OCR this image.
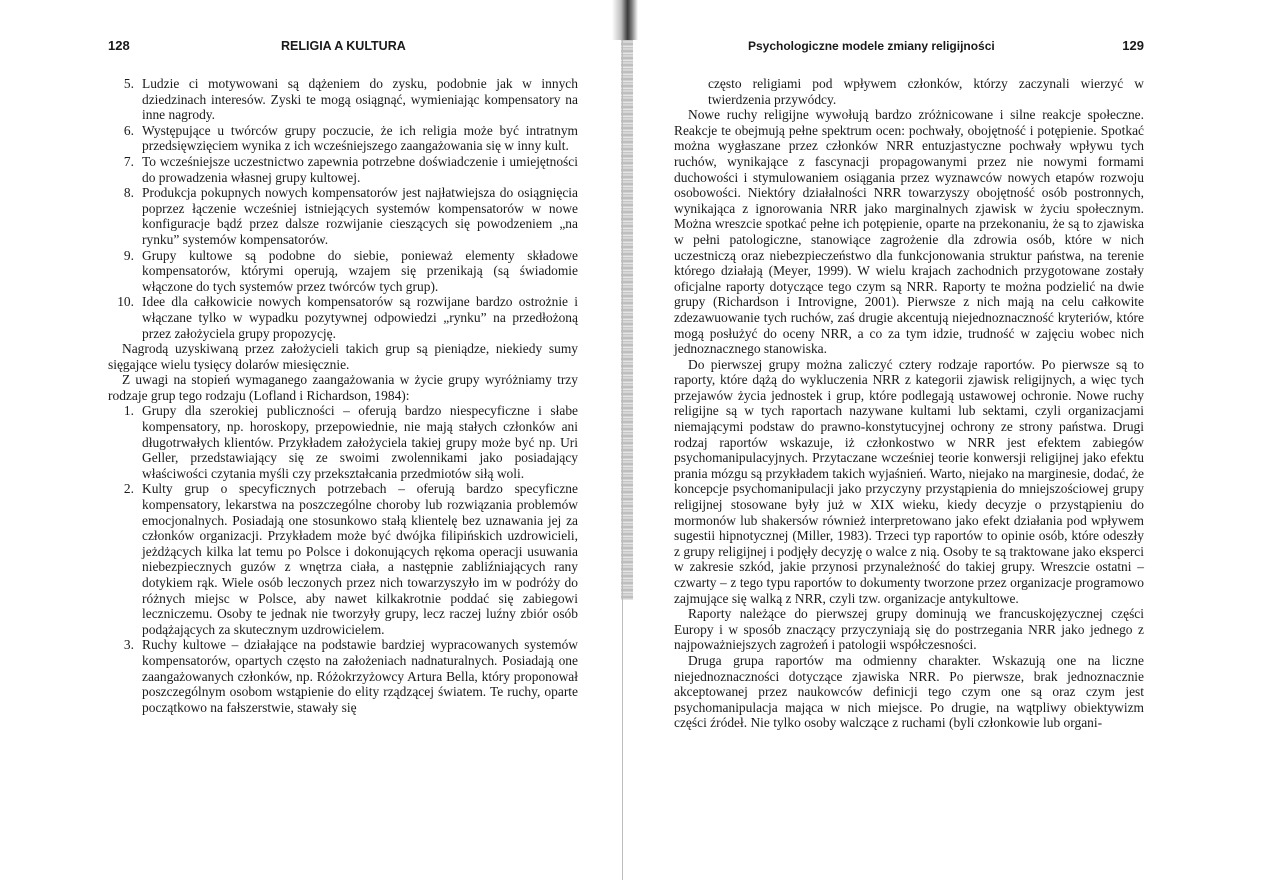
128	RELIGIA A KULTURA
5. Ludzie ci motywowani są dążeniem do zysku, podobnie jak w innych dziedzinach interesów. Zyski te mogą osiągnąć, wymieniając kompensatory na inne nagrody.
6. Występujące u twórców grupy poczucie, że ich religia może być intratnym przedsięwzięciem wynika z ich wcześniejszego zaangażowania się w inny kult.
7. To wcześniejsze uczestnictwo zapewnia potrzebne doświadczenie i umiejętności do prowadzenia własnej grupy kultowej.
8. Produkcja pokupnych nowych kompensatorów jest najłatwiejsza do osiągnięcia poprzez łączenie wcześniej istniejących systemów kompensatorów w nowe konfiguracje bądź przez dalsze rozwijanie cieszących się powodzeniem „na rynku” systemów kompensatorów.
9. Grupy kultowe są podobne do siebie, ponieważ elementy składowe kompensatorów, którymi operują, wzajem się przenikają (są świadomie włączone do tych systemów przez twórców tych grup).
10. Idee dla całkowicie nowych kompensatorów są rozwijane bardzo ostrożnie i włączane tylko w wypadku pozytywnej odpowiedzi „rynku” na przedłożoną przez założyciela grupy propozycję.

Nagrodą uzyskiwaną przez założycieli takich grup są pieniądze, niekiedy sumy sięgające wielu tysięcy dolarów miesięcznie.

Z uwagi na stopień wymaganego zaangażowania w życie grupy wyróżniamy trzy rodzaje grup tego rodzaju (Lofland i Richardson, 1984):

1. Grupy dla szerokiej publiczności – oferują bardzo niespecyficzne i słabe kompensatory, np. horoskopy, przepowiednie, nie mają stałych członków ani długotrwałych klientów. Przykładem założyciela takiej grupy może być np. Uri Geller, przedstawiający się ze swoimi zwolennikami jako posiadający właściwości czytania myśli czy przekształcania przedmiotów siłą woli.
2. Kulty grup o specyficznych potrzebach – oferują bardzo specyficzne kompensatory, lekarstwa na poszczególne choroby lub rozwiązania problemów emocjonalnych. Posiadają one stosunkowo stałą klientelę bez uznawania jej za członków organizacji. Przykładem może być dwójka filipińskich uzdrowicieli, jeżdżących kilka lat temu po Polsce i dokonujących rękoma operacji usuwania niebezpiecznych guzów z wnętrza ciała, a następnie zabliźniających rany dotykiem rąk. Wiele osób leczonych przez nich towarzyszyło im w podróży do różnych miejsc w Polsce, aby nawet kilkakrotnie poddać się zabiegowi leczniczemu. Osoby te jednak nie tworzyły grupy, lecz raczej luźny zbiór osób podążających za skutecznym uzdrowicielem.
3. Ruchy kultowe – działające na podstawie bardziej wypracowanych systemów kompensatorów, opartych często na założeniach nadnaturalnych. Posiadają one zaangażowanych członków, np. Różokrzyżowcy Artura Bella, który proponował poszczególnym osobom wstąpienie do elity rządzącej światem. Te ruchy, oparte początkowo na fałszerstwie, stawały się
Psychologiczne modele zmiany religijności	129

często religiami pod wpływem członków, którzy zaczynali wierzyć w twierdzenia przywódcy.

Nowe ruchy religijne wywołują bardzo zróżnicowane i silne reakcje społeczne. Reakcje te obejmują pełne spektrum ocen: pochwały, obojętność i potępienie. Spotkać można wygłaszane przez członków NRR entuzjastyczne pochwały wpływu tych ruchów, wynikające z fascynacji propagowanymi przez nie nowymi formami duchowości i stymulowaniem osiągania przez wyznawców nowych etapów rozwoju osobowości. Niektóry działalności NRR towarzyszy obojętność osób postronnych, wynikająca z ignorowania NRR jako marginalnych zjawisk w życiu społecznym. Można wreszcie spotkać pełne ich potępienie, oparte na przekonaniu, że są to zjawiska w pełni patologiczne, stanowiące zagrożenie dla zdrowia osób, które w nich uczestniczą oraz niebezpieczeństwo dla funkcjonowania struktur państwa, na terenie którego działają (Meyer, 1999). W wielu krajach zachodnich przygotowane zostały oficjalne raporty dotyczące tego czym są NRR. Raporty te można podzielić na dwie grupy (Richardson i Introvigne, 2001). Pierwsze z nich mają na celu całkowite zdezawuowanie tych ruchów, zaś drugie akcentują niejednoznaczność kryteriów, które mogą posłużyć do oceny NRR, a co za tym idzie, trudność w zajęciu wobec nich jednoznacznego stanowiska.

Do pierwszej grupy można zaliczyć cztery rodzaje raportów. Po pierwsze są to raporty, które dążą do wykluczenia NRR z kategorii zjawisk religijnych, a więc tych przejawów życia jednostek i grup, które podlegają ustawowej ochronie. Nowe ruchy religijne są w tych raportach nazywane kultami lub sektami, czyli organizacjami niemającymi podstaw do prawno-konstytucyjnej ochrony ze strony państwa. Drugi rodzaj raportów wskazuje, iż członkostwo w NRR jest efektem zabiegów psychomanipulacyjnych. Przytaczane wcześniej teorie konwersji religijnej jako efektu prania mózgu są przykładem takich wyjaśnień. Warto, niejako na marginesie, dodać, że koncepcje psychomanipulacji jako przyczyny przystąpienia do mniejszościowej grupy religijnej stosowane były już w XIX wieku, kiedy decyzje o przystąpieniu do mormonów lub shakersów również interpretowano jako efekt działania pod wpływem sugestii hipnotycznej (Miller, 1983). Trzeci typ raportów to opinie osób, które odeszły z grupy religijnej i podjęły decyzję o walce z nią. Osoby te są traktowane jako eksperci w zakresie szkód, jakie przynosi przynależność do takiej grupy. Wreszcie ostatni – czwarty – z tego typu raportów to dokumenty tworzone przez organizacje programowo zajmujące się walką z NRR, czyli tzw. organizacje antykultowe.

Raporty należące do pierwszej grupy dominują we francuskojęzycznej części Europy i w sposób znaczący przyczyniają się do postrzegania NRR jako jednego z najpoważniejszych zagrożeń i patologii współczesności.

Druga grupa raportów ma odmienny charakter. Wskazują one na liczne niejednoznaczności dotyczące zjawiska NRR. Po pierwsze, brak jednoznacznie akceptowanej przez naukowców definicji tego czym one są oraz czym jest psychomanipulacja mająca w nich miejsce. Po drugie, na wątpliwy obiektywizm części źródeł. Nie tylko osoby walczące z ruchami (byli członkowie lub organi-
